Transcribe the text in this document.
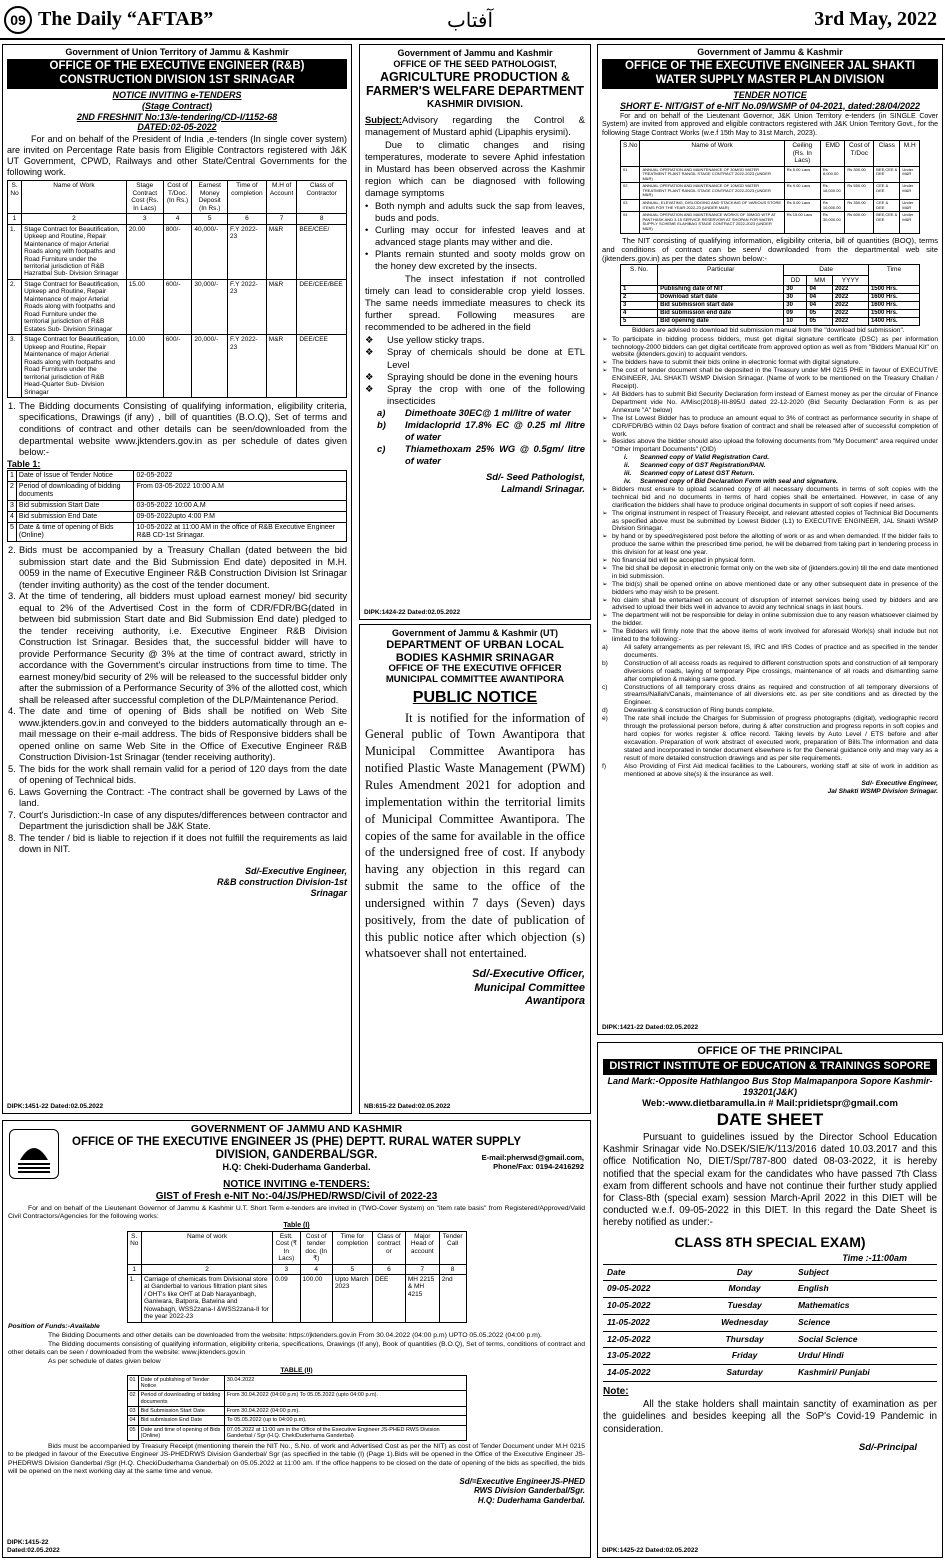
09 The Daily “AFTAB”	آفتاب	3rd May, 2022
Government of Union Territory of Jammu & Kashmir
OFFICE OF THE EXECUTIVE ENGINEER (R&B) CONSTRUCTION DIVISION 1ST SRINAGAR
NOTICE INVITING e-TENDERS
(Stage Contract)
2ND FRESHNIT No:13/e-tendering/CD-I/1152-68
DATED:02-05-2022
For and on behalf of the President of India ,e-tenders (In single cover system) are invited on Percentage Rate basis from Eligible Contractors registered with J&K UT Government, CPWD, Railways and other State/Central Governments for the following work.
S. No	Name of Work	Stage Contract Cost (Rs. In Lacs)	Cost of T/Doc. (In Rs.)	Earnest Money Deposit (In Rs.)	Time of completion	M.H of Account	Class of Contractor
1	2	3	4	5	6	7	8
1.	Stage Contract for Beautification, Upkeep and Routine, Repair Maintenance of major Arterial Roads along with footpaths and Road Furniture under the territorial jurisdiction of R&B Hazratbal Sub- Division Srinagar	20.00	800/-	40,000/-	F.Y 2022-23	M&R	BEE/CEE/
2.	Stage Contract for Beautification, Upkeep and Routine, Repair Maintenance of major Arterial Roads along with footpaths and Road Furniture under the territorial jurisdiction of R&B Estates Sub- Division Srinagar	15.00	600/-	30,000/-	F.Y 2022-23	M&R	DEE/CEE/BEE
3.	Stage Contract for Beautification, Upkeep and Routine, Repair Maintenance of major Arterial Roads along with footpaths and Road Furniture under the territorial jurisdiction of R&B Head-Quarter Sub- Division Srinagar	10.00	600/-	20,000/-	F.Y 2022-23	M&R	DEE/CEE
1. The Bidding documents Consisting of qualifying information, eligibility criteria, specifications, Drawings (if any) , bill of quantities (B.O.Q), Set of terms and conditions of contract and other details can be seen/downloaded from the departmental website www.jktenders.gov.in as per schedule of dates given below:-
Table 1:
1	Date of Issue of Tender Notice	02-05-2022
2	Period of downloading of bidding documents	From 03-05-2022 10:00 A.M
3	Bid submission Start Date	03-05-2022 10:00 A.M
4	Bid submission End Date	09-05-2022upto 4:00 P.M
5	Date & time of opening of Bids (Online)	10-05-2022 at 11:00 AM in the office of R&B Executive Engineer R&B CD-1st Srinagar.
2. Bids must be accompanied by a Treasury Challan (dated between the bid submission start date and the Bid Submission End date) deposited in M.H. 0059 in the name of Executive Engineer R&B Construction Division Ist Srinagar (tender inviting authority) as the cost of the tender document.
3. At the time of tendering, all bidders must upload earnest money/ bid security equal to 2% of the Advertised Cost in the form of CDR/FDR/BG(dated in between bid submission Start date and Bid Submission End date) pledged to the tender receiving authority, i.e. Executive Engineer R&B Division Construction Ist Srinagar. Besides that, the successful bidder will have to provide Performance Security @ 3% at the time of contract award, strictly in accordance with the Government's circular instructions from time to time. The earnest money/bid security of 2% will be released to the successful bidder only after the submission of a Performance Security of 3% of the allotted cost, which shall be released after successful completion of the DLP/Maintenance Period.
4. The date and time of opening of Bids shall be notified on Web Site www.jktenders.gov.in and conveyed to the bidders automatically through an e-mail message on their e-mail address. The bids of Responsive bidders shall be opened online on same Web Site in the Office of Executive Engineer R&B Construction Division-1st Srinagar (tender receiving authority).
5. The bids for the work shall remain valid for a period of 120 days from the date of opening of Technical bids.
6. Laws Governing the Contract: -The contract shall be governed by Laws of the land.
7. Court's Jurisdiction:-In case of any disputes/differences between contractor and Department the jurisdiction shall be J&K State.
8. The tender / bid is liable to rejection if it does not fulfill the requirements as laid down in NIT.
Sd/-Executive Engineer,
R&B construction Division-1st
Srinagar
DIPK:1451-22 Dated:02.05.2022
Government of Jammu and Kashmir
OFFICE OF THE SEED PATHOLOGIST,
AGRICULTURE PRODUCTION & FARMER'S WELFARE DEPARTMENT
KASHMIR DIVISION.
Subject:Advisory regarding the Control & management of Mustard aphid (Lipaphis erysimi).
Due to climatic changes and rising temperatures, moderate to severe Aphid infestation in Mustard has been observed across the Kashmir region which can be diagnosed with following damage symptoms
• Both nymph and adults suck the sap from leaves, buds and pods.
• Curling may occur for infested leaves and at advanced stage plants may wither and die.
• Plants remain stunted and sooty molds grow on the honey dew excreted by the insects.
The insect infestation if not controlled timely can lead to considerable crop yield losses. The same needs immediate measures to check its further spread. Following measures are recommended to be adhered in the field
❖ Use yellow sticky traps.
❖ Spray of chemicals should be done at ETL Level
❖ Spraying should be done in the evening hours
❖ Spray the crop with one of the following insecticides
a) Dimethoate 30EC@ 1 ml/litre of water
b) Imidacloprid 17.8% EC @ 0.25 ml /litre of water
c) Thiamethoxam 25% WG @ 0.5gm/ litre of water
Sd/- Seed Pathologist,
Lalmandi Srinagar.
DIPK:1424-22 Dated:02.05.2022
Government of Jammu & Kashmir (UT)
DEPARTMENT OF URBAN LOCAL BODIES KASHMIR SRINAGAR
OFFICE OF THE EXECUTIVE OFFICER MUNICIPAL COMMITTEE AWANTIPORA
PUBLIC NOTICE
It is notified for the information of General public of Town Awantipora that Municipal Committee Awantipora has notified Plastic Waste Management (PWM) Rules Amendment 2021 for adoption and implementation within the territorial limits of Municipal Committee Awantipora. The copies of the same for available in the office of the undersigned free of cost. If anybody having any objection in this regard can submit the same to the office of the undersigned within 7 days (Seven) days positively, from the date of publication of this public notice after which objection (s) whatsoever shall not entertained.
Sd/-Executive Officer,
Municipal Committee
Awantipora
NB:615-22 Dated:02.05.2022
Government of Jammu & Kashmir
OFFICE OF THE EXECUTIVE ENGINEER JAL SHAKTI WATER SUPPLY MASTER PLAN DIVISION
TENDER NOTICE
SHORT E- NIT/GIST of e-NIT No.09/WSMP of 04-2021, dated:28/04/2022
For and on behalf of the Lieutenant Governor, J&K Union Territory e-tenders (in SINGLE Cover System) are invited from approved and eligible contractors registered with J&K Union Territory Govt., for the following Stage Contract Works (w.e.f 15th May to 31st March, 2023).
S.No	Name of Work	Ceiling (Rs. In Lacs)	EMD	Cost of T/Doc	Class	M.H
01	ANNUAL OPERATION AND MAINTENANCE OF 30MGD WATER TREATMENT PLANT RANGIL STAGE CONTRACT 2022-2023 (UNDER M&R)	Rs 5.00 Lacs	Rs 8,000.00	Rs 300.00	BEE,CEE & DEE	Under M&R
02	ANNUAL OPERATION AND MAINTENANCE OF 10MGD WATER TREATMENT PLANT RANGIL STAGE CONTRACT 2022-2023 (UNDER M&R)	Rs 9.00 Lacs	Rs 18,000.00	Rs 550.00	CEE & DEE	Under M&R
03	ANNUAL, ELEVATING, DISLODGING AND STACKING OF VARIOUS STORE ITEMS FOR THE YEAR 2022-23 (UNDER M&R)	Rs 5.00 Lacs	Rs 10,000.00	Rs 350.00	CEE & DEE	Under M&R
04	ANNUAL OPERATION AND MAINTENANCE WORKS OF 30MGD WTP AT PANTHASK AND 3.15 SERVICE RESERVOIR AT SHOPAN FOR WATER SUPPLY SCHEME ELAHIBAG STAGE CONTRACT 2022-2023 (UNDER M&R)	Rs 15.00 Lacs	Rs 30,000.00	Rs 600.00	BEE,CEE & DEE	Under M&R
The NIT consisting of qualifying information, eligibility criteria, bill of quantities (BOQ), terms and conditions of contract can be seen/ downloaded from the departmental web site (jktenders.gov.in) as per the dates shown below:-
S. No.	Particular	Date			Time
		DD	MM	YYYY	
1	Publishing date of NIT	30	04	2022	1500 Hrs.
2	Download start date	30	04	2022	1600 Hrs.
3	Bid submission start date	30	04	2022	1600 Hrs.
4	Bid submission end date	09	05	2022	1500 Hrs.
5	Bid opening date	10	05	2022	1400 Hrs.
Bidders are advised to download bid submission manual from the "download bid submission".
➢ To participate in bidding process bidders, must get digital signature certificate (DSC) as per information technology-2000 bidders can get digital certificate from approved option as well as from "Bidders Manual Kit" on website (jktenders.gov.in) to acquaint vendors.
➢ The bidders have to submit their bids online in electronic format with digital signature.
➢ The cost of tender document shall be deposited in the Treasury under MH 0215 PHE in favour of EXECUTIVE ENGINEER, JAL SHAKTI WSMP Division Srinagar. (Name of work to be mentioned on the Treasury Challan / Receipt).
➢ All Bidders has to submit Bid Security Declaration form instead of Earnest money as per the circular of Finance Department vide No. A/Misc(2018)-III-895/J dated 22-12-2020 (Bid Security Declaration Form is as per Annexure "A" below)
➢ The Ist Lowest Bidder has to produce an amount equal to 3% of contract as performance security in shape of CDR/FDR/BG within 02 Days before fixation of contract and shall be released after of successful completion of work.
➢ Besides above the bidder should also upload the following documents from "My Document" area required under "Other Important Documents" (OID)
i. Scanned copy of Valid Registration Card.
ii. Scanned copy of GST Registration/PAN.
iii. Scanned copy of Latest GST Return.
iv. Scanned copy of Bid Declaration Form with seal and signature.
➢ Bidders must ensure to upload scanned copy of all necessary documents in terms of soft copies with the technical bid and no documents in terms of hard copies shall be entertained. However, in case of any clarification the bidders shall have to produce original documents in support of soft copies if need arises.
➢ The original instrument in respect of Treasury Receipt, and relevant attested copies of Technical Bid Documents as specified above must be submitted by Lowest Bidder (L1) to EXECUTIVE ENGINEER, JAL Shakti WSMP Division Srinagar.
➢ by hand or by speed/registered post before the allotting of work or as and when demanded. If the bidder fails to produce the same within the prescribed time period, he will be debarred from taking part in tendering process in this division for at least one year.
➢ No financial bid will be accepted in physical form.
➢ The bid shall be deposit in electronic format only on the web site of (jktenders.gov.in) till the end date mentioned in bid submission.
➢ The bid(s) shall be opened online on above mentioned date or any other subsequent date in presence of the bidders who may wish to be present.
➢ No claim shall be entertained on account of disruption of internet services being used by bidders and are advised to upload their bids well in advance to avoid any technical snags in last hours.
➢ The department will not be responsible for delay in online submission due to any reason whatsoever claimed by the bidder.
➢ The Bidders will firmly note that the above items of work involved for aforesaid Work(s) shall include but not limited to the following:-
a) All safety arrangements as per relevant IS, IRC and IRS Codes of practice and as specified in the tender documents.
b) Construction of all access roads as required to different construction spots and construction of all temporary diversions of roads, laying of temporary Pipe crossings, maintenance of all roads and dismantling same after completion & making same good.
c)	Constructions of all temporary cross drains as required and construction of all temporary diversions of streams/Nallah/Canals, maintenance of all diversions etc. as per site conditions and as directed by the Engineer.
d) Dewatering & construction of Ring bunds complete.
e) The rate shall include the Charges for Submission of progress photographs (digital), vediographic record through the professional person before, during & after construction and progress reports in soft copies and hard copies for works register & office record. Taking levels by Auto Level / ETS before and after excavation. Preparation of work abstract of executed work, preparation of Bills.The information and data stated and incorporated in tender document elsewhere is for the General guidance only and may vary as a result of more detailed construction drawings and as per site requirements.
f)	Also Providing of First Aid medical facilities to the Labourers, working staff at site of work in addition as mentioned at above site(s) & the insurance as well.
Sd/- Executive Engineer,
Jal Shakti WSMP Division Srinagar.
DIPK:1421-22 Dated:02.05.2022
OFFICE OF THE PRINCIPAL
DISTRICT INSTITUTE OF EDUCATION & TRAININGS SOPORE
Land Mark:-Opposite Hathlangoo Bus Stop Malmapanpora Sopore Kashmir-193201(J&K)
Web:-www.dietbaramulla.in # Mail:pridietspr@gmail.com
DATE SHEET
Pursuant to guidelines issued by the Director School Education Kashmir Srinagar vide No.DSEK/SIE/K/113/2016 dated 10.03.2017 and this office Notification No, DIET/Spr/787-800 dated 08-03-2022, it is hereby notified that the special exam for the candidates who have passed 7th Class exam from different schools and have not continue their further study applied for Class-8th (special exam) session March-April 2022 in this DIET will be conducted w.e.f. 09-05-2022 in this DIET. In this regard the Date Sheet is hereby notified as under:-
CLASS 8TH SPECIAL EXAM)
Time :-11:00am
Date	Day	Subject
09-05-2022	Monday	English
10-05-2022	Tuesday	Mathematics
11-05-2022	Wednesday	Science
12-05-2022	Thursday	Social Science
13-05-2022	Friday	Urdu/ Hindi
14-05-2022	Saturday	Kashmiri/ Punjabi
Note:
All the stake holders shall maintain sanctity of examination as per the guidelines and besides keeping all the SoP's Covid-19 Pandemic in consideration.
Sd/-Principal
DIPK:1425-22 Dated:02.05.2022
GOVERNMENT OF JAMMU AND KASHMIR
OFFICE OF THE EXECUTIVE ENGINEER JS (PHE) DEPTT. RURAL WATER SUPPLY DIVISION, GANDERBAL/SGR.
H.Q: Cheki-Duderhama Ganderbal.
E-mail:pherwsd@gmail.com,
Phone/Fax: 0194-2416292
NOTICE INVITING e-TENDERS:
GIST of Fresh e-NIT No:-04/JS/PHED/RWSD/Civil of 2022-23
For and on behalf of the Lieutenant Governor of Jammu & Kashmir U.T. Short Term e-tenders are invited in (TWO-Cover System) on "item rate basis" from Registered/Approved/Valid Civil Contractors/Agencies for the following works:
Table (I)
S. No	Name of work	Estt. Cost (₹ In Lacs)	Cost of tender doc. (In ₹)	Time for completion	Class of contract or	Major Head of account	Tender Call
1	2	3	4	5	6	7	8
1.	Carriage of chemicals from Divisional store at Ganderbal to various filtration plant sites / OHT's like OHT at Dab Narayanbagh, Ganiwara, Batpora, Batwina and Nowabagh, WSS2zana-I &WSS2zana-II for the year 2022-23	0.09	100.00	Upto March 2023	DEE	MH 2215 & MH 4215	2nd
Position of Funds:-Available
The Bidding Documents and other details can be downloaded from the website: https://jktenders.gov.in From 30.04.2022 (04:00 p.m) UPTO 05.05.2022 (04:00 p.m).
The Bidding documents consisting of qualifying information, eligibility criteria, specifications, Drawings (If any), Book of quantities (B.O.Q), Set of terms, conditions of contract and other details can be seen / downloaded from the website: www.jktenders.gov.in
As per schedule of dates given below
TABLE (II)
01	Date of publishing of Tender Notice	30.04.2022
02	Period of downloading of bidding documents	From 30.04.2022 (04:00 p.m) To 05.05.2022 (upto 04:00 p.m).
03	Bid Submission Start Date	From 30.04.2022 (04:00 p.m).
04	Bid submission End Date	To 05.05.2022 (up to 04:00 p.m).
05	Date and time of opening of Bids (Online)	07.05.2022 at 11:00 am in the Office of the Executive Engineer JS-PHED RWS Division Ganderbal / Sgr (H.Q. ChekiDuderhama Ganderbal)
Bids must be accompanied by Treasury Receipt (mentioning therein the NIT No., S.No. of work and Advertised Cost as per the NIT) as cost of Tender Document under M.H 0215 to be pledged in favour of the Executive Engineer JS-PHEDRWS Division Ganderbal/ Sgr (as specified in the table (I) (Page 1).Bids will be opened in the Office of the Executive Engineer JS-PHEDRWS Division Ganderbal /Sgr (H.Q. CheckiDuderhama Ganderbal) on 05.05.2022 at 11:00 am. If the office happens to be closed on the date of opening of the bids as specified, the bids will be opened on the next working day at the same time and venue.
Sd/=Executive EngineerJS-PHED
RWS Division Ganderbal/Sgr.
H.Q: Duderhama Ganderbal.
DIPK:1415-22
Dated:02.05.2022
